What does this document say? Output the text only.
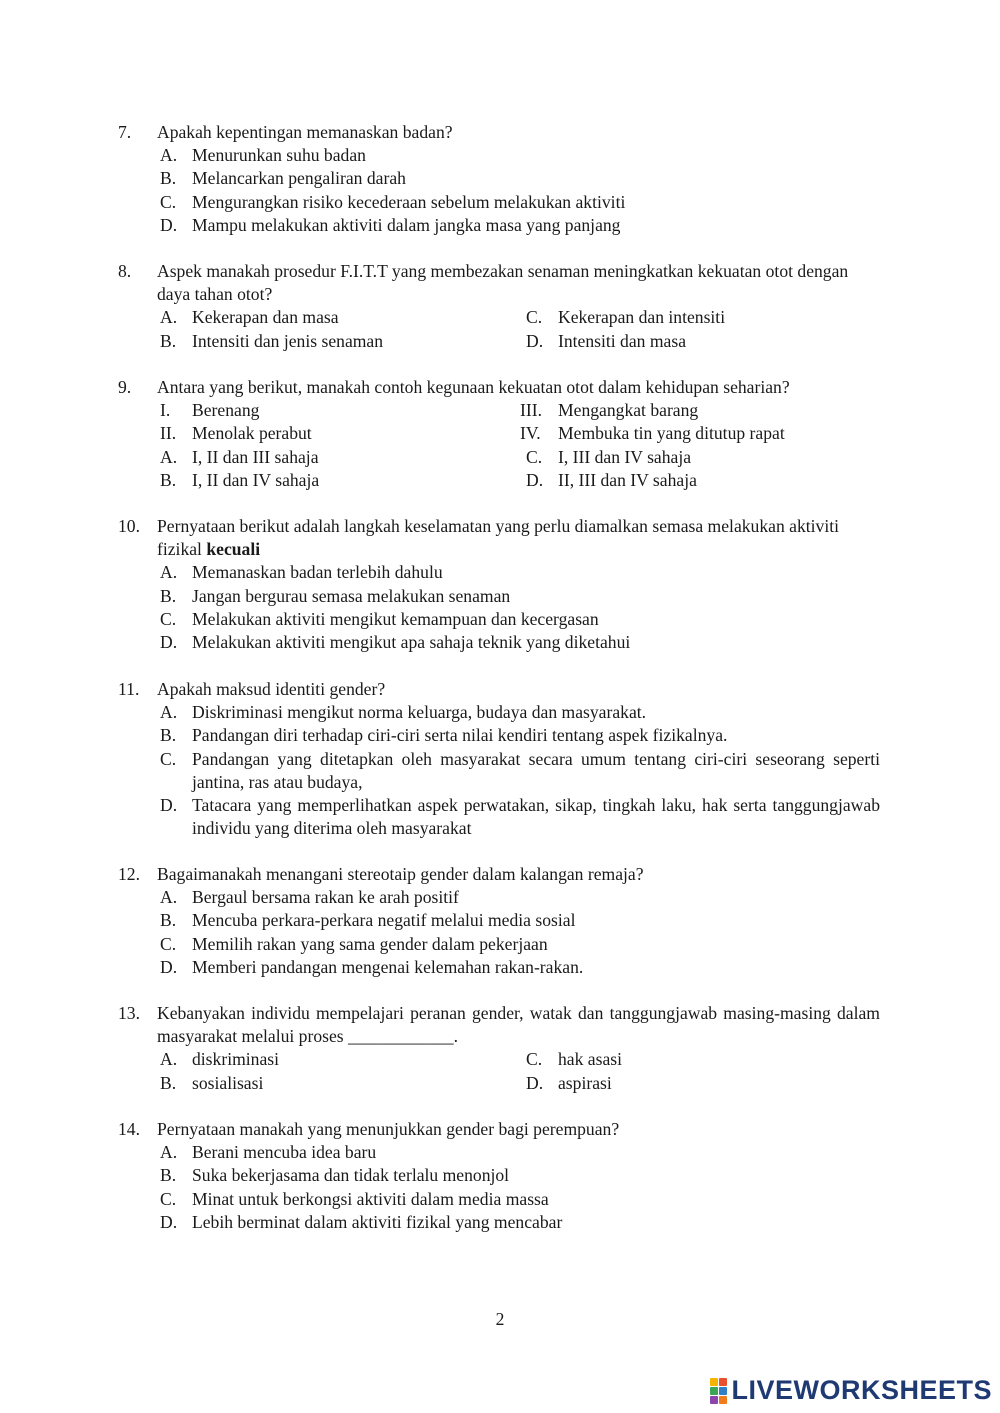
7.	Apakah kepentingan memanaskan badan?
A. Menurunkan suhu badan
B. Melancarkan pengaliran darah
C. Mengurangkan risiko kecederaan sebelum melakukan aktiviti
D. Mampu melakukan aktiviti dalam jangka masa yang panjang
8.	Aspek manakah prosedur F.I.T.T yang membezakan senaman meningkatkan kekuatan otot dengan daya tahan otot?
A. Kekerapan dan masa	C. Kekerapan dan intensiti
B. Intensiti dan jenis senaman	D. Intensiti dan masa
9.	Antara yang berikut, manakah contoh kegunaan kekuatan otot dalam kehidupan seharian?
I.	Berenang	III. Mengangkat barang
II. Menolak perabut	IV. Membuka tin yang ditutup rapat
A. I, II dan III sahaja	C. I, III dan IV sahaja
B. I, II dan IV sahaja	D. II, III dan IV sahaja
10. Pernyataan berikut adalah langkah keselamatan yang perlu diamalkan semasa melakukan aktiviti fizikal kecuali
A. Memanaskan badan terlebih dahulu
B. Jangan bergurau semasa melakukan senaman
C. Melakukan aktiviti mengikut kemampuan dan kecergasan
D. Melakukan aktiviti mengikut apa sahaja teknik yang diketahui
11.	Apakah maksud identiti gender?
A. Diskriminasi mengikut norma keluarga, budaya dan masyarakat.
B. Pandangan diri terhadap ciri-ciri serta nilai kendiri tentang aspek fizikalnya.
C. Pandangan yang ditetapkan oleh masyarakat secara umum tentang ciri-ciri seseorang seperti jantina, ras atau budaya,
D. Tatacara yang memperlihatkan aspek perwatakan, sikap, tingkah laku, hak serta tanggungjawab individu yang diterima oleh masyarakat
12. Bagaimanakah menangani stereotaip gender dalam kalangan remaja?
A. Bergaul bersama rakan ke arah positif
B. Mencuba perkara-perkara negatif melalui media sosial
C. Memilih rakan yang sama gender dalam pekerjaan
D. Memberi pandangan mengenai kelemahan rakan-rakan.
13. Kebanyakan individu mempelajari peranan gender, watak dan tanggungjawab masing-masing dalam masyarakat melalui proses ____________.
A. diskriminasi	C. hak asasi
B. sosialisasi	D. aspirasi
14. Pernyataan manakah yang menunjukkan gender bagi perempuan?
A. Berani mencuba idea baru
B. Suka bekerjasama dan tidak terlalu menonjol
C. Minat untuk berkongsi aktiviti dalam media massa
D. Lebih berminat dalam aktiviti fizikal yang mencabar
2
LIVEWORKSHEETS
